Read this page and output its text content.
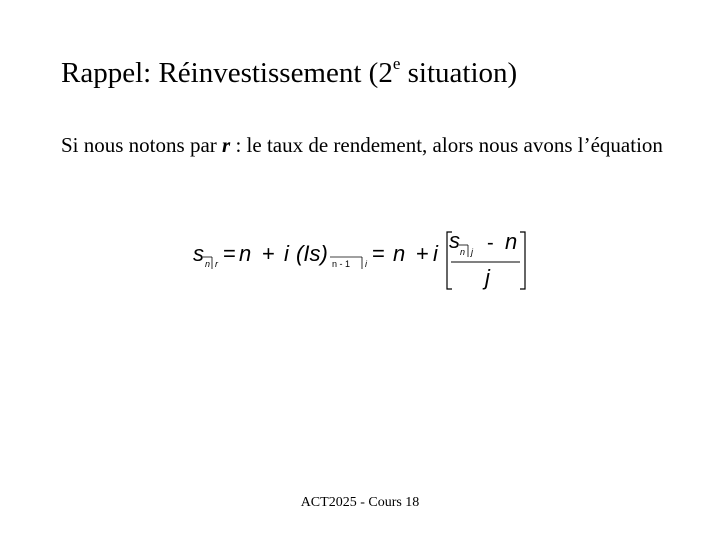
Rappel: Réinvestissement (2e situation)
Si nous notons par r : le taux de rendement, alors nous avons l’équation
s n r = n + i (Is) n - 1 i = n + i
s n j - n
j
ACT2025 - Cours 18
